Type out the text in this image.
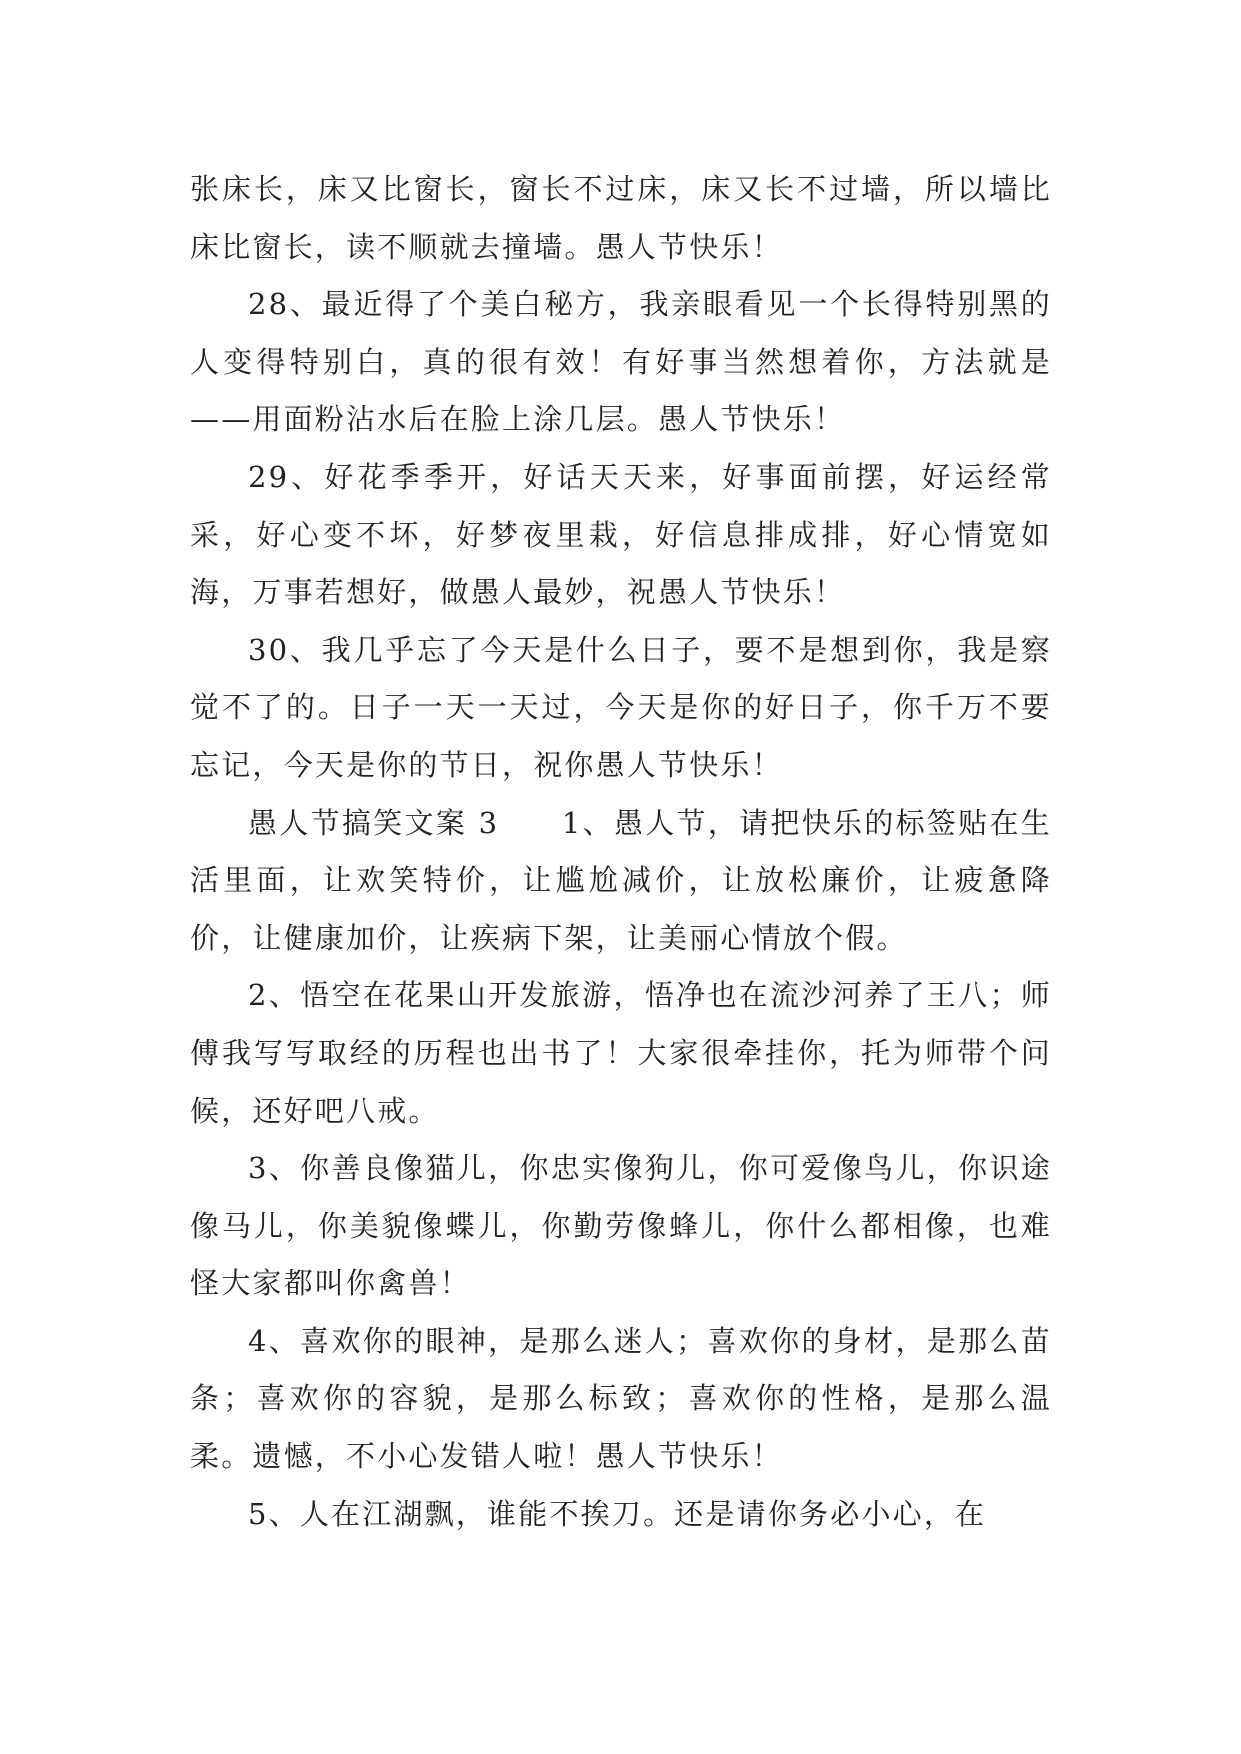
张床长，床又比窗长，窗长不过床，床又长不过墙，所以墙比床比窗长，读不顺就去撞墙。愚人节快乐！

28、最近得了个美白秘方，我亲眼看见一个长得特别黑的人变得特别白，真的很有效！有好事当然想着你，方法就是——用面粉沾水后在脸上涂几层。愚人节快乐！

29、好花季季开，好话天天来，好事面前摆，好运经常采，好心变不坏，好梦夜里栽，好信息排成排，好心情宽如海，万事若想好，做愚人最妙，祝愚人节快乐！

30、我几乎忘了今天是什么日子，要不是想到你，我是察觉不了的。日子一天一天过，今天是你的好日子，你千万不要忘记，今天是你的节日，祝你愚人节快乐！

愚人节搞笑文案 3　　1、愚人节，请把快乐的标签贴在生活里面，让欢笑特价，让尴尬减价，让放松廉价，让疲惫降价，让健康加价，让疾病下架，让美丽心情放个假。

2、悟空在花果山开发旅游，悟净也在流沙河养了王八；师傅我写写取经的历程也出书了！大家很牵挂你，托为师带个问候，还好吧八戒。

3、你善良像猫儿，你忠实像狗儿，你可爱像鸟儿，你识途像马儿，你美貌像蝶儿，你勤劳像蜂儿，你什么都相像，也难怪大家都叫你禽兽！

4、喜欢你的眼神，是那么迷人；喜欢你的身材，是那么苗条；喜欢你的容貌，是那么标致；喜欢你的性格，是那么温柔。遗憾，不小心发错人啦！愚人节快乐！

5、人在江湖飘，谁能不挨刀。还是请你务必小心，在
